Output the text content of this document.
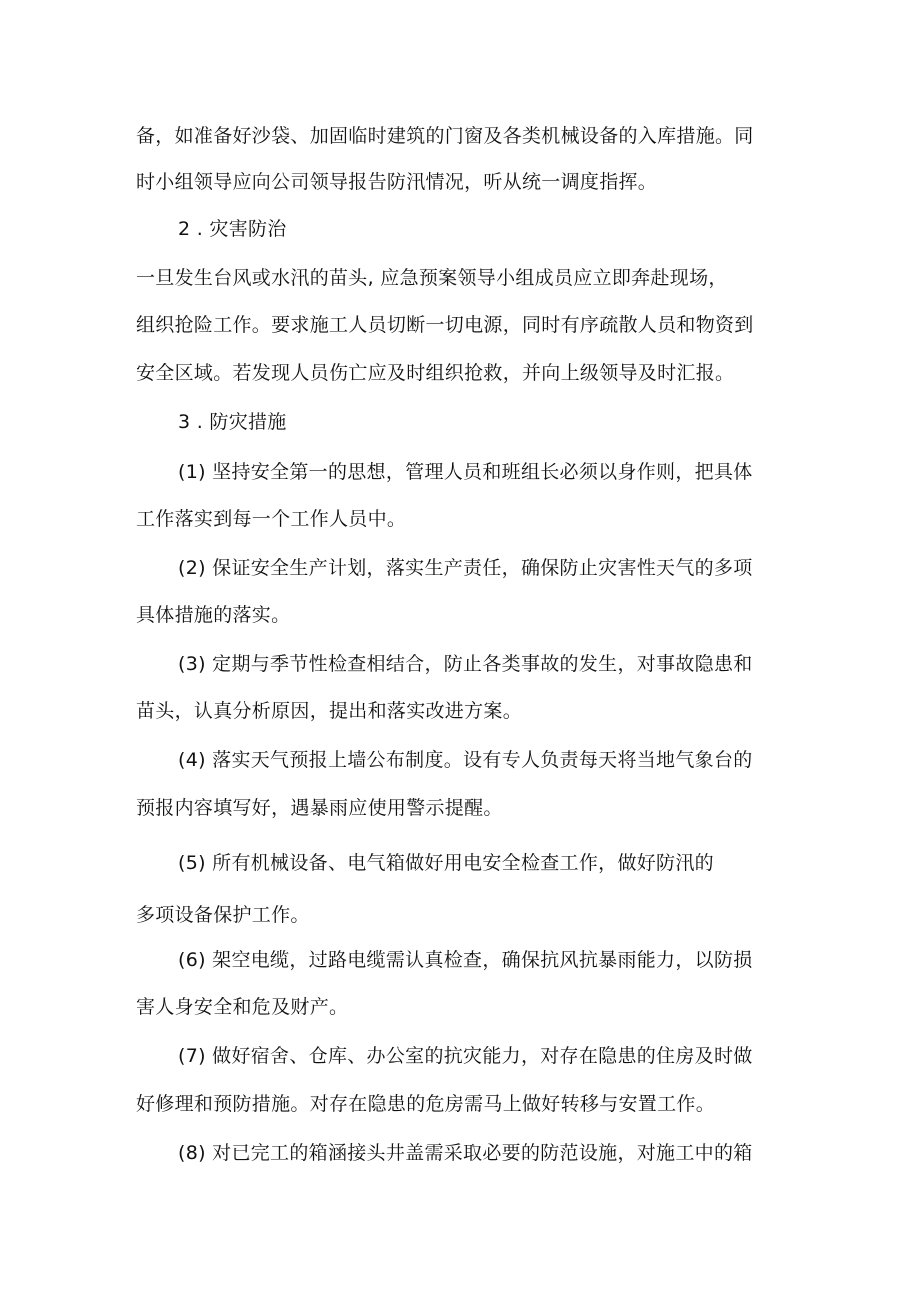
备，如准备好沙袋、加固临时建筑的门窗及各类机械设备的入库措施。同
时小组领导应向公司领导报告防汛情况，听从统一调度指挥。
2 . 灾害防治
一旦发生台风或水汛的苗头, 应急预案领导小组成员应立即奔赴现场，
组织抢险工作。要求施工人员切断一切电源，同时有序疏散人员和物资到
安全区域。若发现人员伤亡应及时组织抢救，并向上级领导及时汇报。
3 . 防灾措施
(1) 坚持安全第一的思想，管理人员和班组长必须以身作则，把具体
工作落实到每一个工作人员中。
(2) 保证安全生产计划，落实生产责任，确保防止灾害性天气的多项
具体措施的落实。
(3) 定期与季节性检查相结合，防止各类事故的发生，对事故隐患和
苗头，认真分析原因，提出和落实改进方案。
(4) 落实天气预报上墙公布制度。设有专人负责每天将当地气象台的
预报内容填写好，遇暴雨应使用警示提醒。
(5) 所有机械设备、电气箱做好用电安全检查工作，做好防汛的
多项设备保护工作。
(6) 架空电缆，过路电缆需认真检查，确保抗风抗暴雨能力，以防损
害人身安全和危及财产。
(7) 做好宿舍、仓库、办公室的抗灾能力，对存在隐患的住房及时做
好修理和预防措施。对存在隐患的危房需马上做好转移与安置工作。
(8) 对已完工的箱涵接头井盖需采取必要的防范设施，对施工中的箱
